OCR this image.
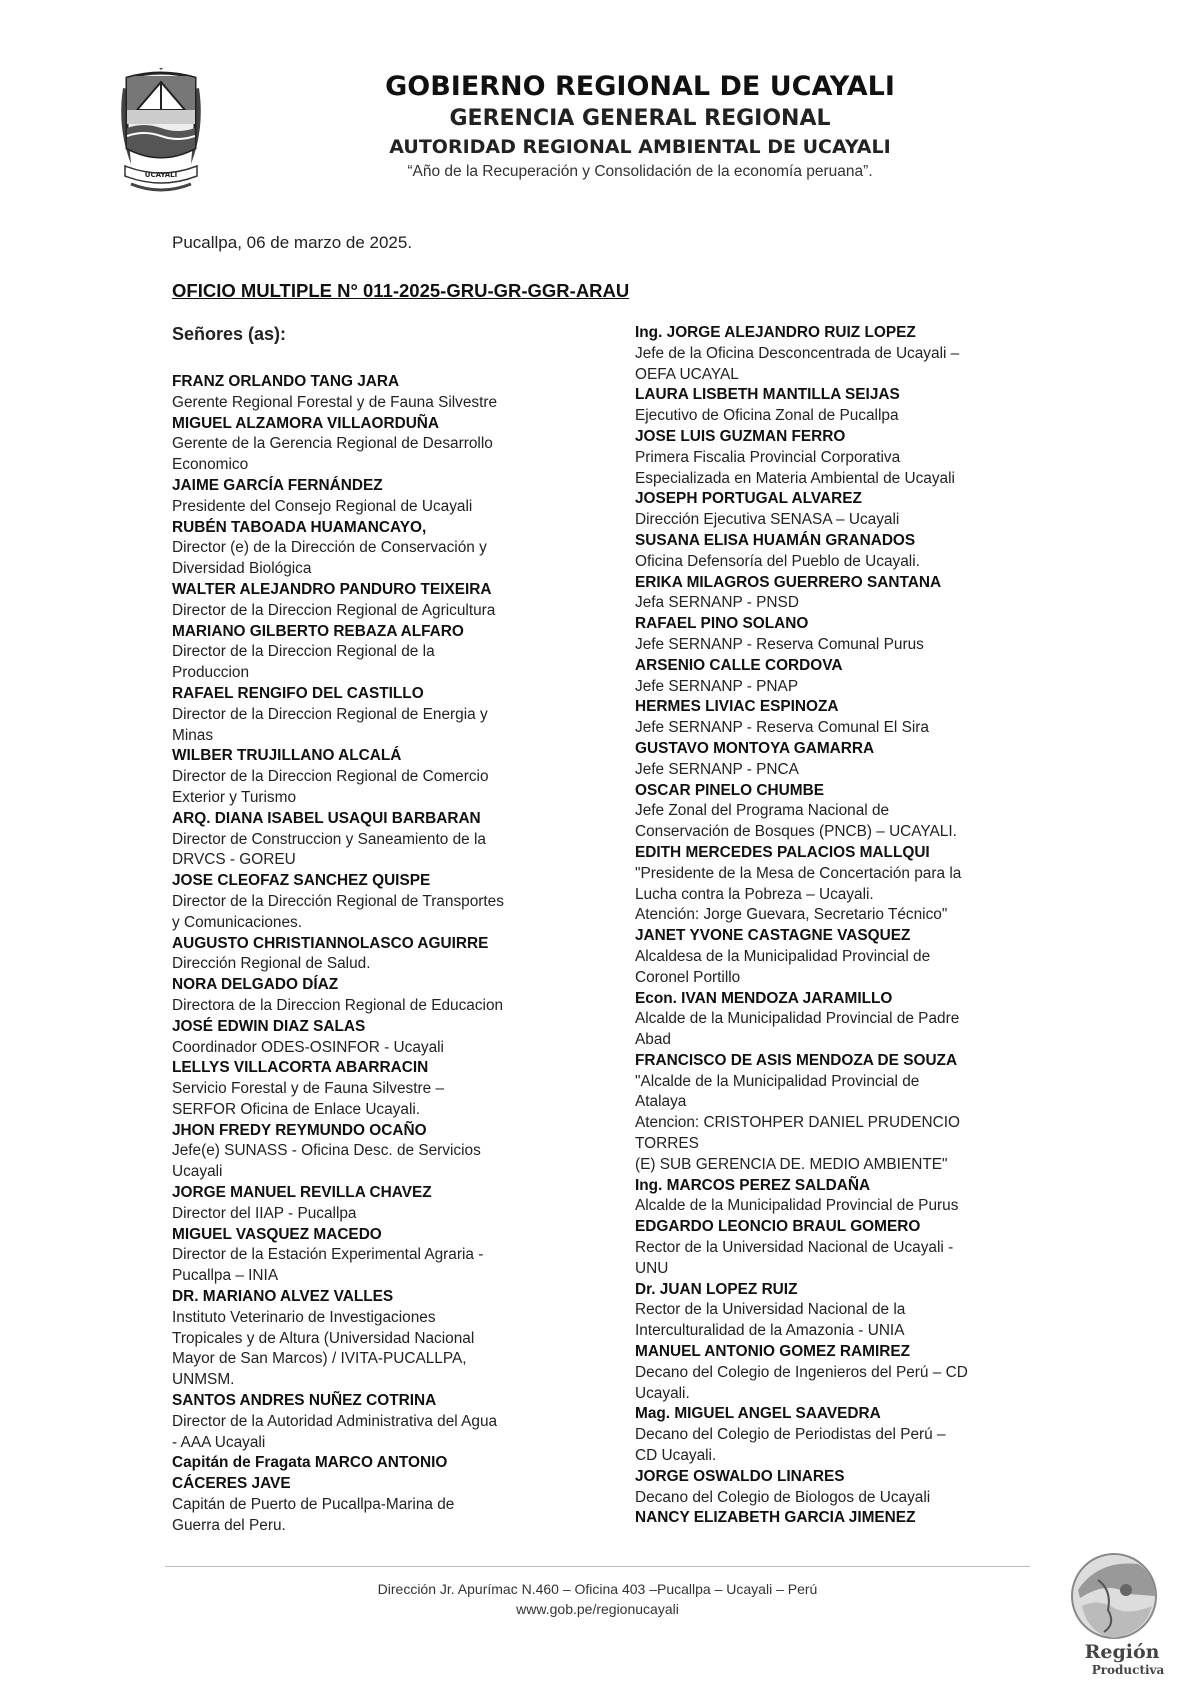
UCAYALI
GOBIERNO REGIONAL DE UCAYALI
GERENCIA GENERAL REGIONAL
AUTORIDAD REGIONAL AMBIENTAL DE UCAYALI
“Año de la Recuperación y Consolidación de la economía peruana”.
Pucallpa, 06 de marzo de 2025.
OFICIO MULTIPLE N° 011-2025-GRU-GR-GGR-ARAU
Señores (as):
FRANZ ORLANDO TANG JARA
Gerente Regional Forestal y de Fauna Silvestre
MIGUEL ALZAMORA VILLAORDUÑA
Gerente de la Gerencia Regional de Desarrollo
Economico
JAIME GARCÍA FERNÁNDEZ
Presidente del Consejo Regional de Ucayali
RUBÉN TABOADA HUAMANCAYO,
Director (e) de la Dirección de Conservación y
Diversidad Biológica
WALTER ALEJANDRO PANDURO TEIXEIRA
Director de la Direccion Regional de Agricultura
MARIANO GILBERTO REBAZA ALFARO
Director de la Direccion Regional de la
Produccion
RAFAEL RENGIFO DEL CASTILLO
Director de la Direccion Regional de Energia y
Minas
WILBER TRUJILLANO ALCALÁ
Director de la Direccion Regional de Comercio
Exterior y Turismo
ARQ. DIANA ISABEL USAQUI BARBARAN
Director de Construccion y Saneamiento de la
DRVCS - GOREU
JOSE CLEOFAZ SANCHEZ QUISPE
Director de la Dirección Regional de Transportes
y Comunicaciones.
AUGUSTO CHRISTIANNOLASCO AGUIRRE
Dirección Regional de Salud.
NORA DELGADO DÍAZ
Directora de la Direccion Regional de Educacion
JOSÉ EDWIN DIAZ SALAS
Coordinador ODES-OSINFOR - Ucayali
LELLYS VILLACORTA ABARRACIN
Servicio Forestal y de Fauna Silvestre –
SERFOR Oficina de Enlace Ucayali.
JHON FREDY REYMUNDO OCAÑO
Jefe(e) SUNASS - Oficina Desc. de Servicios
Ucayali
JORGE MANUEL REVILLA CHAVEZ
Director del IIAP - Pucallpa
MIGUEL VASQUEZ MACEDO
Director de la Estación Experimental Agraria -
Pucallpa – INIA
DR. MARIANO ALVEZ VALLES
Instituto Veterinario de Investigaciones
Tropicales y de Altura (Universidad Nacional
Mayor de San Marcos) / IVITA-PUCALLPA,
UNMSM.
SANTOS ANDRES NUÑEZ COTRINA
Director de la Autoridad Administrativa del Agua
- AAA Ucayali
Capitán de Fragata MARCO ANTONIO
CÁCERES JAVE
Capitán de Puerto de Pucallpa-Marina de
Guerra del Peru.
Ing. JORGE ALEJANDRO RUIZ LOPEZ
Jefe de la Oficina Desconcentrada de Ucayali –
OEFA UCAYAL
LAURA LISBETH MANTILLA SEIJAS
Ejecutivo de Oficina Zonal de Pucallpa
JOSE LUIS GUZMAN FERRO
Primera Fiscalia Provincial Corporativa
Especializada en Materia Ambiental de Ucayali
JOSEPH PORTUGAL ALVAREZ
Dirección Ejecutiva SENASA – Ucayali
SUSANA ELISA HUAMÁN GRANADOS
Oficina Defensoría del Pueblo de Ucayali.
ERIKA MILAGROS GUERRERO SANTANA
Jefa SERNANP - PNSD
RAFAEL PINO SOLANO
Jefe SERNANP - Reserva Comunal Purus
ARSENIO CALLE CORDOVA
Jefe SERNANP - PNAP
HERMES LIVIAC ESPINOZA
Jefe SERNANP - Reserva Comunal El Sira
GUSTAVO MONTOYA GAMARRA
Jefe SERNANP - PNCA
OSCAR PINELO CHUMBE
Jefe Zonal del Programa Nacional de
Conservación de Bosques (PNCB) – UCAYALI.
EDITH MERCEDES PALACIOS MALLQUI
"Presidente de la Mesa de Concertación para la
Lucha contra la Pobreza – Ucayali.
Atención: Jorge Guevara, Secretario Técnico"
JANET YVONE CASTAGNE VASQUEZ
Alcaldesa de la Municipalidad Provincial de
Coronel Portillo
Econ. IVAN MENDOZA JARAMILLO
Alcalde de la Municipalidad Provincial de Padre
Abad
FRANCISCO DE ASIS MENDOZA DE SOUZA
"Alcalde de la Municipalidad Provincial de
Atalaya
Atencion: CRISTOHPER DANIEL PRUDENCIO
TORRES
(E) SUB GERENCIA DE. MEDIO AMBIENTE"
Ing. MARCOS PEREZ SALDAÑA
Alcalde de la Municipalidad Provincial de Purus
EDGARDO LEONCIO BRAUL GOMERO
Rector de la Universidad Nacional de Ucayali -
UNU
Dr. JUAN LOPEZ RUIZ
Rector de la Universidad Nacional de la
Interculturalidad de la Amazonia - UNIA
MANUEL ANTONIO GOMEZ RAMIREZ
Decano del Colegio de Ingenieros del Perú – CD
Ucayali.
Mag. MIGUEL ANGEL SAAVEDRA
Decano del Colegio de Periodistas del Perú –
CD Ucayali.
JORGE OSWALDO LINARES
Decano del Colegio de Biologos de Ucayali
NANCY ELIZABETH GARCIA JIMENEZ
Dirección Jr. Apurímac N.460 – Oficina 403 –Pucallpa – Ucayali – Perú
www.gob.pe/regionucayali
Región
Productiva
